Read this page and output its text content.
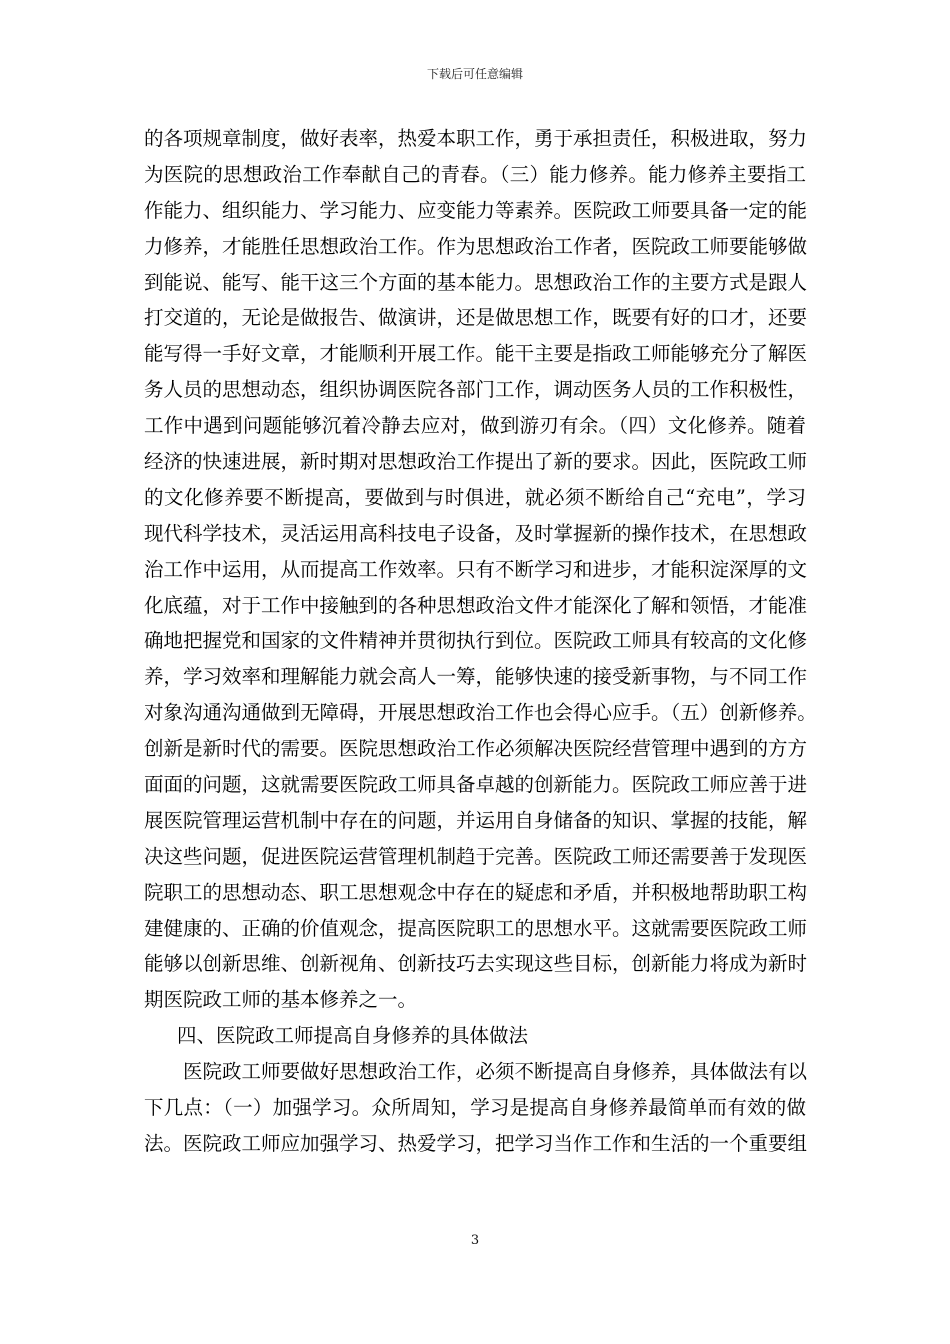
下载后可任意编辑
的各项规章制度，做好表率，热爱本职工作，勇于承担责任，积极进取，努力
为医院的思想政治工作奉献自己的青春。（三）能力修养。能力修养主要指工
作能力、组织能力、学习能力、应变能力等素养。医院政工师要具备一定的能
力修养，才能胜任思想政治工作。作为思想政治工作者，医院政工师要能够做
到能说、能写、能干这三个方面的基本能力。思想政治工作的主要方式是跟人
打交道的，无论是做报告、做演讲，还是做思想工作，既要有好的口才，还要
能写得一手好文章，才能顺利开展工作。能干主要是指政工师能够充分了解医
务人员的思想动态，组织协调医院各部门工作，调动医务人员的工作积极性，
工作中遇到问题能够沉着冷静去应对，做到游刃有余。（四）文化修养。随着
经济的快速进展，新时期对思想政治工作提出了新的要求。因此，医院政工师
的文化修养要不断提高，要做到与时俱进，就必须不断给自己“充电”，学习
现代科学技术，灵活运用高科技电子设备，及时掌握新的操作技术，在思想政
治工作中运用，从而提高工作效率。只有不断学习和进步，才能积淀深厚的文
化底蕴，对于工作中接触到的各种思想政治文件才能深化了解和领悟，才能准
确地把握党和国家的文件精神并贯彻执行到位。医院政工师具有较高的文化修
养，学习效率和理解能力就会高人一筹，能够快速的接受新事物，与不同工作
对象沟通沟通做到无障碍，开展思想政治工作也会得心应手。（五）创新修养。
创新是新时代的需要。医院思想政治工作必须解决医院经营管理中遇到的方方
面面的问题，这就需要医院政工师具备卓越的创新能力。医院政工师应善于进
展医院管理运营机制中存在的问题，并运用自身储备的知识、掌握的技能，解
决这些问题，促进医院运营管理机制趋于完善。医院政工师还需要善于发现医
院职工的思想动态、职工思想观念中存在的疑虑和矛盾，并积极地帮助职工构
建健康的、正确的价值观念，提高医院职工的思想水平。这就需要医院政工师
能够以创新思维、创新视角、创新技巧去实现这些目标，创新能力将成为新时
期医院政工师的基本修养之一。
四、医院政工师提高自身修养的具体做法
医院政工师要做好思想政治工作，必须不断提高自身修养，具体做法有以
下几点：（一）加强学习。众所周知，学习是提高自身修养最简单而有效的做
法。医院政工师应加强学习、热爱学习，把学习当作工作和生活的一个重要组
3
